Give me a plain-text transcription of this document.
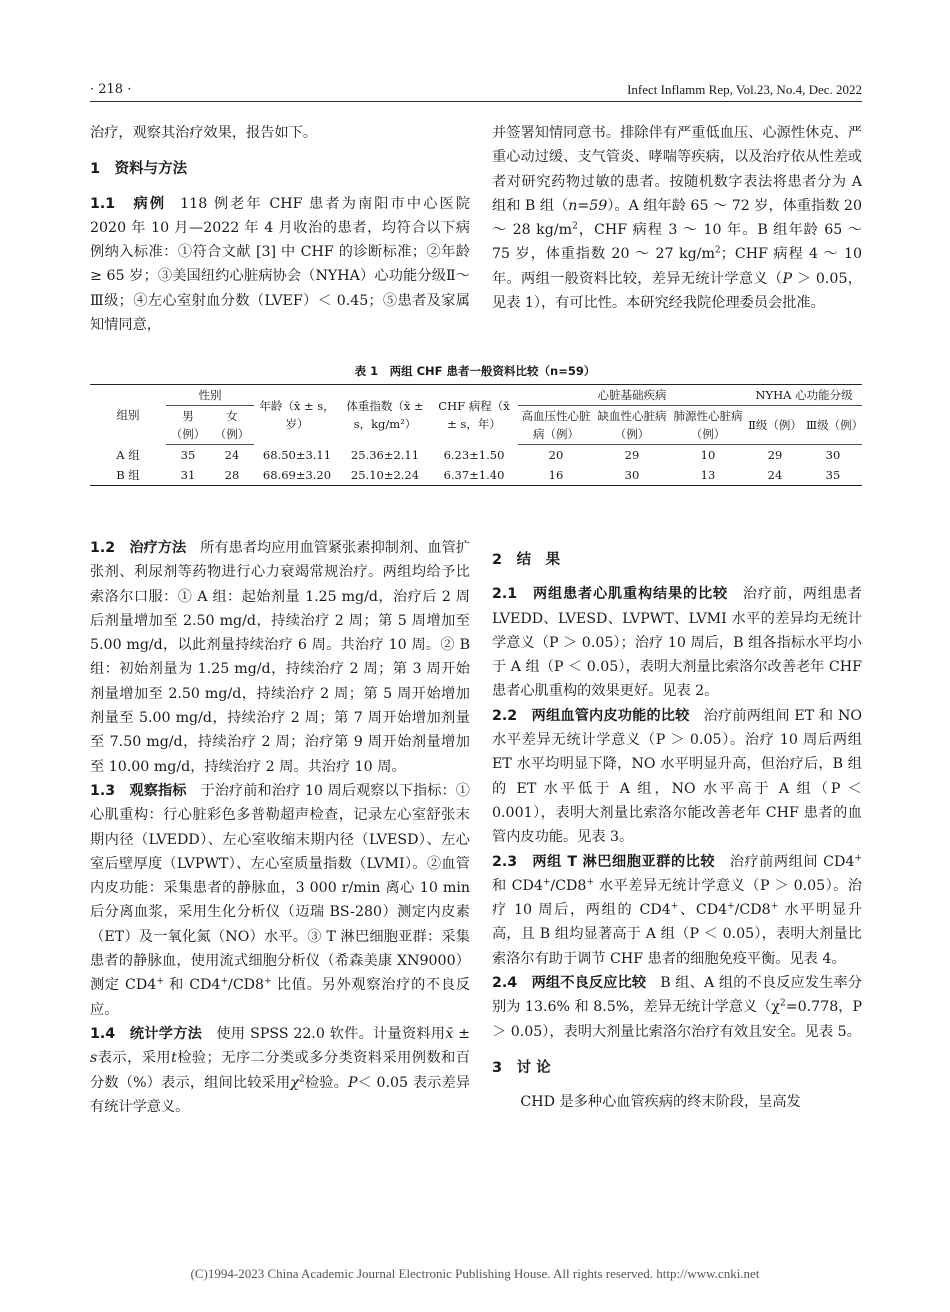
· 218 ·	Infect Inflamm Rep, Vol.23, No.4, Dec. 2022

治疗，观察其治疗效果，报告如下。

1　资料与方法

1.1　病例 118 例老年 CHF 患者为南阳市中心医院 2020 年 10 月—2022 年 4 月收治的患者，均符合以下病例纳入标准：①符合文献 [3] 中 CHF 的诊断标准；②年龄≥ 65 岁；③美国纽约心脏病协会（NYHA）心功能分级Ⅱ～Ⅲ级；④左心室射血分数（LVEF）＜ 0.45；⑤患者及家属知情同意，

并签署知情同意书。排除伴有严重低血压、心源性休克、严重心动过缓、支气管炎、哮喘等疾病，以及治疗依从性差或者对研究药物过敏的患者。按随机数字表法将患者分为 A 组和 B 组（n=59）。A 组年龄 65 ～ 72 岁，体重指数 20 ～ 28 $kg/m^2$，CHF 病程 3 ～ 10 年。B 组年龄 65 ～ 75 岁，体重指数 20 ～ 27 $kg/m^2$；CHF 病程 4 ～ 10 年。两组一般资料比较，差异无统计学意义（P ＞ 0.05，见表 1），有可比性。本研究经我院伦理委员会批准。

表 1　两组 CHF 患者一般资料比较（n=59）
组别	性别		年龄（x̄ ± s，岁）	体重指数（x̄ ± s，kg/m²）	CHF 病程（x̄ ± s，年）	心脏基础疾病			NYHA 心功能分级	
	男（例）	女（例）				高血压性心脏病（例）	缺血性心脏病（例）	肺源性心脏病（例）	Ⅱ级（例）	Ⅲ级（例）
A 组	35	24	68.50±3.11	25.36±2.11	6.23±1.50	20	29	10	29	30
B 组	31	28	68.69±3.20	25.10±2.24	6.37±1.40	16	30	13	24	35

1.2　治疗方法 所有患者均应用血管紧张素抑制剂、血管扩张剂、利尿剂等药物进行心力衰竭常规治疗。两组均给予比索洛尔口服：① A 组：起始剂量 1.25 mg/d，治疗后 2 周后剂量增加至 2.50 mg/d，持续治疗 2 周；第 5 周增加至 5.00 mg/d，以此剂量持续治疗 6 周。共治疗 10 周。② B 组：初始剂量为 1.25 mg/d，持续治疗 2 周；第 3 周开始剂量增加至 2.50 mg/d，持续治疗 2 周；第 5 周开始增加剂量至 5.00 mg/d，持续治疗 2 周；第 7 周开始增加剂量至 7.50 mg/d，持续治疗 2 周；治疗第 9 周开始剂量增加至 10.00 mg/d，持续治疗 2 周。共治疗 10 周。

1.3　观察指标 于治疗前和治疗 10 周后观察以下指标：①心肌重构：行心脏彩色多普勒超声检查，记录左心室舒张末期内径（LVEDD）、左心室收缩末期内径（LVESD）、左心室后壁厚度（LVPWT）、左心室质量指数（LVMI）。②血管内皮功能：采集患者的静脉血，3 000 r/min 离心 10 min 后分离血浆，采用生化分析仪（迈瑞 BS-280）测定内皮素（ET）及一氧化氮（NO）水平。③ T 淋巴细胞亚群：采集患者的静脉血，使用流式细胞分析仪（希森美康 XN9000）测定 CD4+ 和 CD4+/CD8+ 比值。另外观察治疗的不良反应。

1.4　统计学方法 使用 SPSS 22.0 软件。计量资料用x̄ ± s表示，采用t检验；无序二分类或多分类资料采用例数和百分数（%）表示，组间比较采用$\chi^2$检验。P＜ 0.05 表示差异有统计学意义。

2　结　果

2.1　两组患者心肌重构结果的比较 治疗前，两组患者 LVEDD、LVESD、LVPWT、LVMI 水平的差异均无统计学意义（P ＞ 0.05）；治疗 10 周后，B 组各指标水平均小于 A 组（P ＜ 0.05），表明大剂量比索洛尔改善老年 CHF 患者心肌重构的效果更好。见表 2。

2.2　两组血管内皮功能的比较 治疗前两组间 ET 和 NO 水平差异无统计学意义（P ＞ 0.05）。治疗 10 周后两组 ET 水平均明显下降，NO 水平明显升高，但治疗后，B 组的 ET 水平低于 A 组，NO 水平高于 A 组（P ＜ 0.001），表明大剂量比索洛尔能改善老年 CHF 患者的血管内皮功能。见表 3。

2.3　两组 T 淋巴细胞亚群的比较 治疗前两组间 CD4+ 和 CD4+/CD8+ 水平差异无统计学意义（P ＞ 0.05）。治疗 10 周后，两组的 CD4+、CD4+/CD8+ 水平明显升高，且 B 组均显著高于 A 组（P ＜ 0.05），表明大剂量比索洛尔有助于调节 CHF 患者的细胞免疫平衡。见表 4。

2.4　两组不良反应比较 B 组、A 组的不良反应发生率分别为 13.6% 和 8.5%，差异无统计学意义（$\chi^2=0.778$，P ＞ 0.05），表明大剂量比索洛尔治疗有效且安全。见表 5。

3　讨 论

CHD 是多种心血管疾病的终末阶段，呈高发

(C)1994-2023 China Academic Journal Electronic Publishing House. All rights reserved. http://www.cnki.net
